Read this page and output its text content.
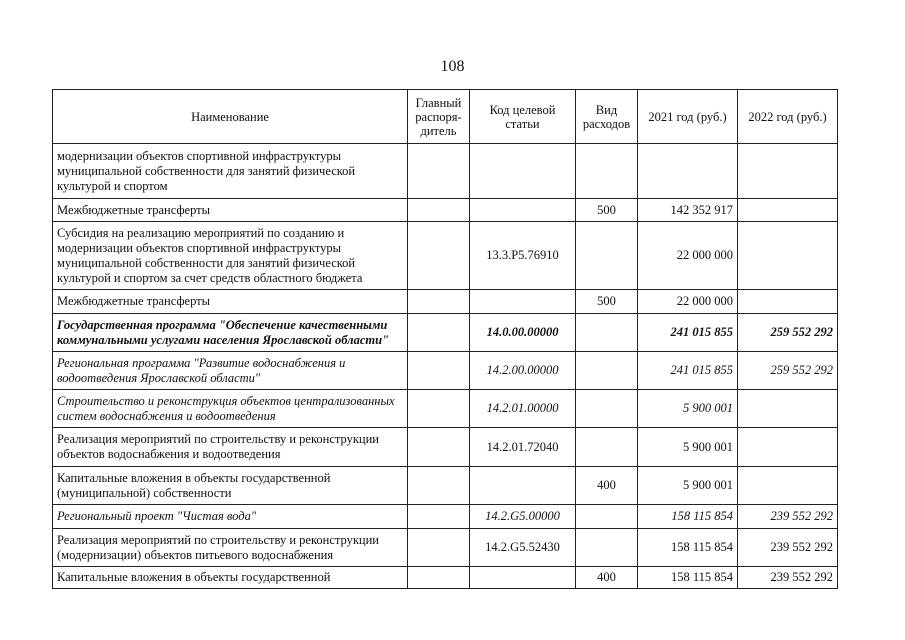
108
Наименование	Главный распоря-дитель	Код целевой статьи	Вид расходов	2021 год (руб.)	2022 год (руб.)
модернизации объектов спортивной инфраструктуры муниципальной собственности для занятий физической культурой и спортом					
Межбюджетные трансферты			500	142 352 917	
Субсидия на реализацию мероприятий по созданию и модернизации объектов спортивной инфраструктуры муниципальной собственности для занятий физической культурой и спортом за счет средств областного бюджета		13.3.P5.76910		22 000 000	
Межбюджетные трансферты			500	22 000 000	
Государственная программа "Обеспечение качественными коммунальными услугами населения Ярославской области"		14.0.00.00000		241 015 855	259 552 292
Региональная программа "Развитие водоснабжения и водоотведения Ярославской области"		14.2.00.00000		241 015 855	259 552 292
Строительство и реконструкция объектов централизованных систем водоснабжения и водоотведения		14.2.01.00000		5 900 001	
Реализация мероприятий по строительству и реконструкции объектов водоснабжения и водоотведения		14.2.01.72040		5 900 001	
Капитальные вложения в объекты государственной (муниципальной) собственности			400	5 900 001	
Региональный проект "Чистая вода"		14.2.G5.00000		158 115 854	239 552 292
Реализация мероприятий по строительству и реконструкции (модернизации) объектов питьевого водоснабжения		14.2.G5.52430		158 115 854	239 552 292
Капитальные вложения в объекты государственной			400	158 115 854	239 552 292
